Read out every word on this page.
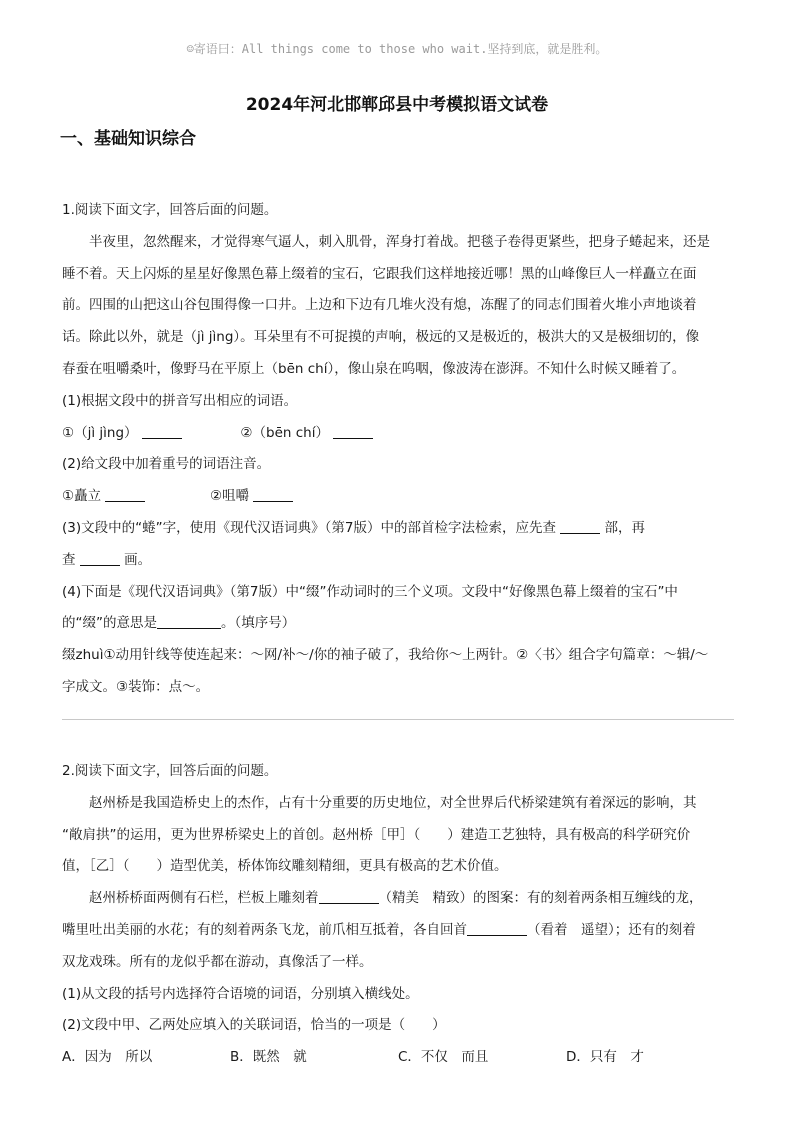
☺寄语曰：All things come to those who wait.坚持到底，就是胜利。
2024年河北邯郸邱县中考模拟语文试卷
一、基础知识综合
1.阅读下面文字，回答后面的问题。
半夜里，忽然醒来，才觉得寒气逼人，刺入肌骨，浑身打着战。把毯子卷得更紧些，把身子蜷起来，还是
睡不着。天上闪烁的星星好像黑色幕上缀着的宝石，它跟我们这样地接近哪！黑的山峰像巨人一样矗立 · ·在面
前。四围的山把这山谷包围得像一口井。上边和下边有几堆火没有熄，冻醒了的同志们围着火堆小声地谈着
话。除此以外，就是（jì jìng）。耳朵里有不可捉摸的声响，极远的又是极近的，极洪大的又是极细切的，像
春蚕在咀嚼 · ·桑叶，像野马在平原上（bēn chí），像山泉在呜咽，像波涛在澎湃。不知什么时候又睡着了。
(1)根据文段中的拼音写出相应的词语。
①（jì jìng）	②（bēn chí）
(2)给文段中加着重号的词语注音。
①矗立	②咀嚼
(3)文段中的“蜷”字，使用《现代汉语词典》（第7版）中的部首检字法检索，应先查	部，再
查	画。
(4)下面是《现代汉语词典》（第7版）中“缀”作动词时的三个义项。文段中“好像黑色幕上缀着的宝石”中
的“缀”的意思是	。（填序号）
缀zhuì①动用针线等使连起来：～网/补～/你的袖子破了，我给你～上两针。②〈书〉组合字句篇章：～辑/～
字成文。③装饰：点～。
2.阅读下面文字，回答后面的问题。
赵州桥是我国造桥史上的杰作，占有十分重要的历史地位，对全世界后代桥梁建筑有着深远的影响，其
“敞肩拱”的运用，更为世界桥梁史上的首创。赵州桥［甲］（　　）建造工艺独特，具有极高的科学研究价
值，［乙］（　　）造型优美，桥体饰纹雕刻精细，更具有极高的艺术价值。
赵州桥桥面两侧有石栏，栏板上雕刻着	（精美　精致）的图案：有的刻着两条相互缠线的龙，
嘴里吐出美丽的水花；有的刻着两条飞龙，前爪相互抵着，各自回首	（看着　遥望）；还有的刻着
双龙戏珠。所有的龙似乎都在游动，真像活了一样。
(1)从文段的括号内选择符合语境的词语，分别填入横线处。
(2)文段中甲、乙两处应填入的关联词语，恰当的一项是（　　）
A．因为　所以	B．既然　就	C．不仅　而且	D．只有　才
